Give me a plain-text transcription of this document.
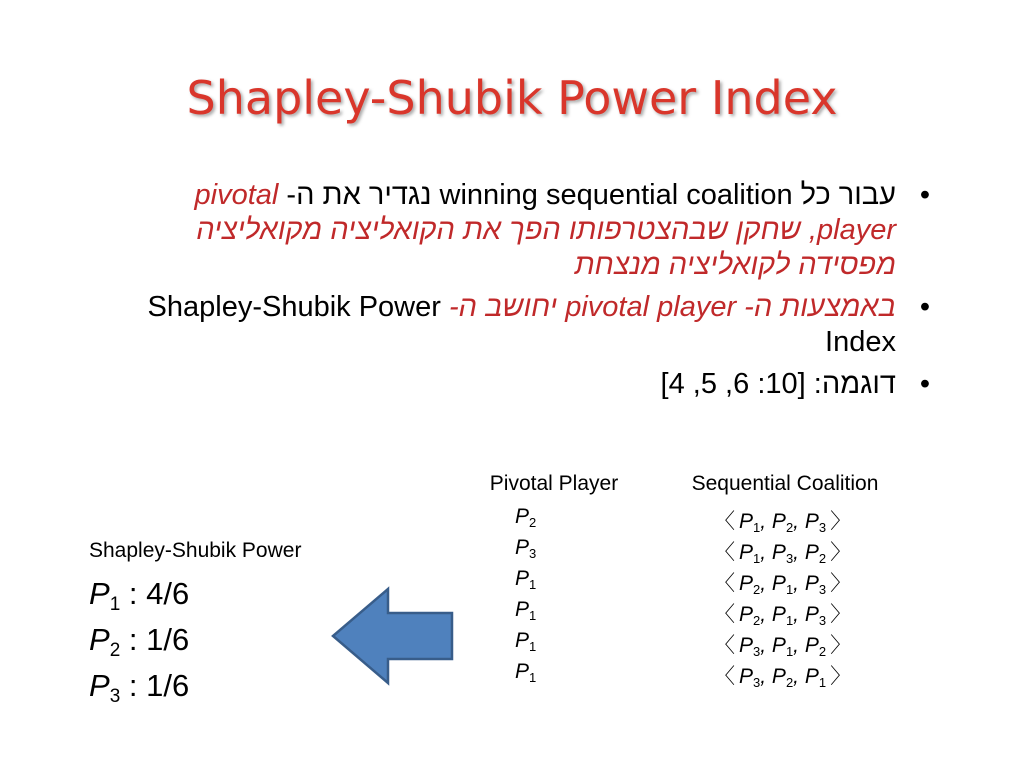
Shapley-Shubik Power Index
•
עבור כל winning sequential coalition נגדיר את ה- pivotal player, שחקן שבהצטרפותו הפך את הקואליציה מקואליציה מפסידה לקואליציה מנצחת
•
באמצעות ה- pivotal player יחושב ה- Shapley-Shubik Power Index
•
דוגמה: [10: 6, 5, 4]
Pivotal Player	Sequential Coalition
$P_2$	〈 $P_1$, $P_2$, $P_3$ 〉
$P_3$	〈 $P_1$, $P_3$, $P_2$ 〉
$P_1$	〈 $P_2$, $P_1$, $P_3$ 〉
$P_1$	〈 $P_2$, $P_1$, $P_3$ 〉
$P_1$	〈 $P_3$, $P_1$, $P_2$ 〉
$P_1$	〈 $P_3$, $P_2$, $P_1$ 〉
Shapley-Shubik Power
$P_1$ : 4/6
$P_2$ : 1/6
$P_3$ : 1/6
